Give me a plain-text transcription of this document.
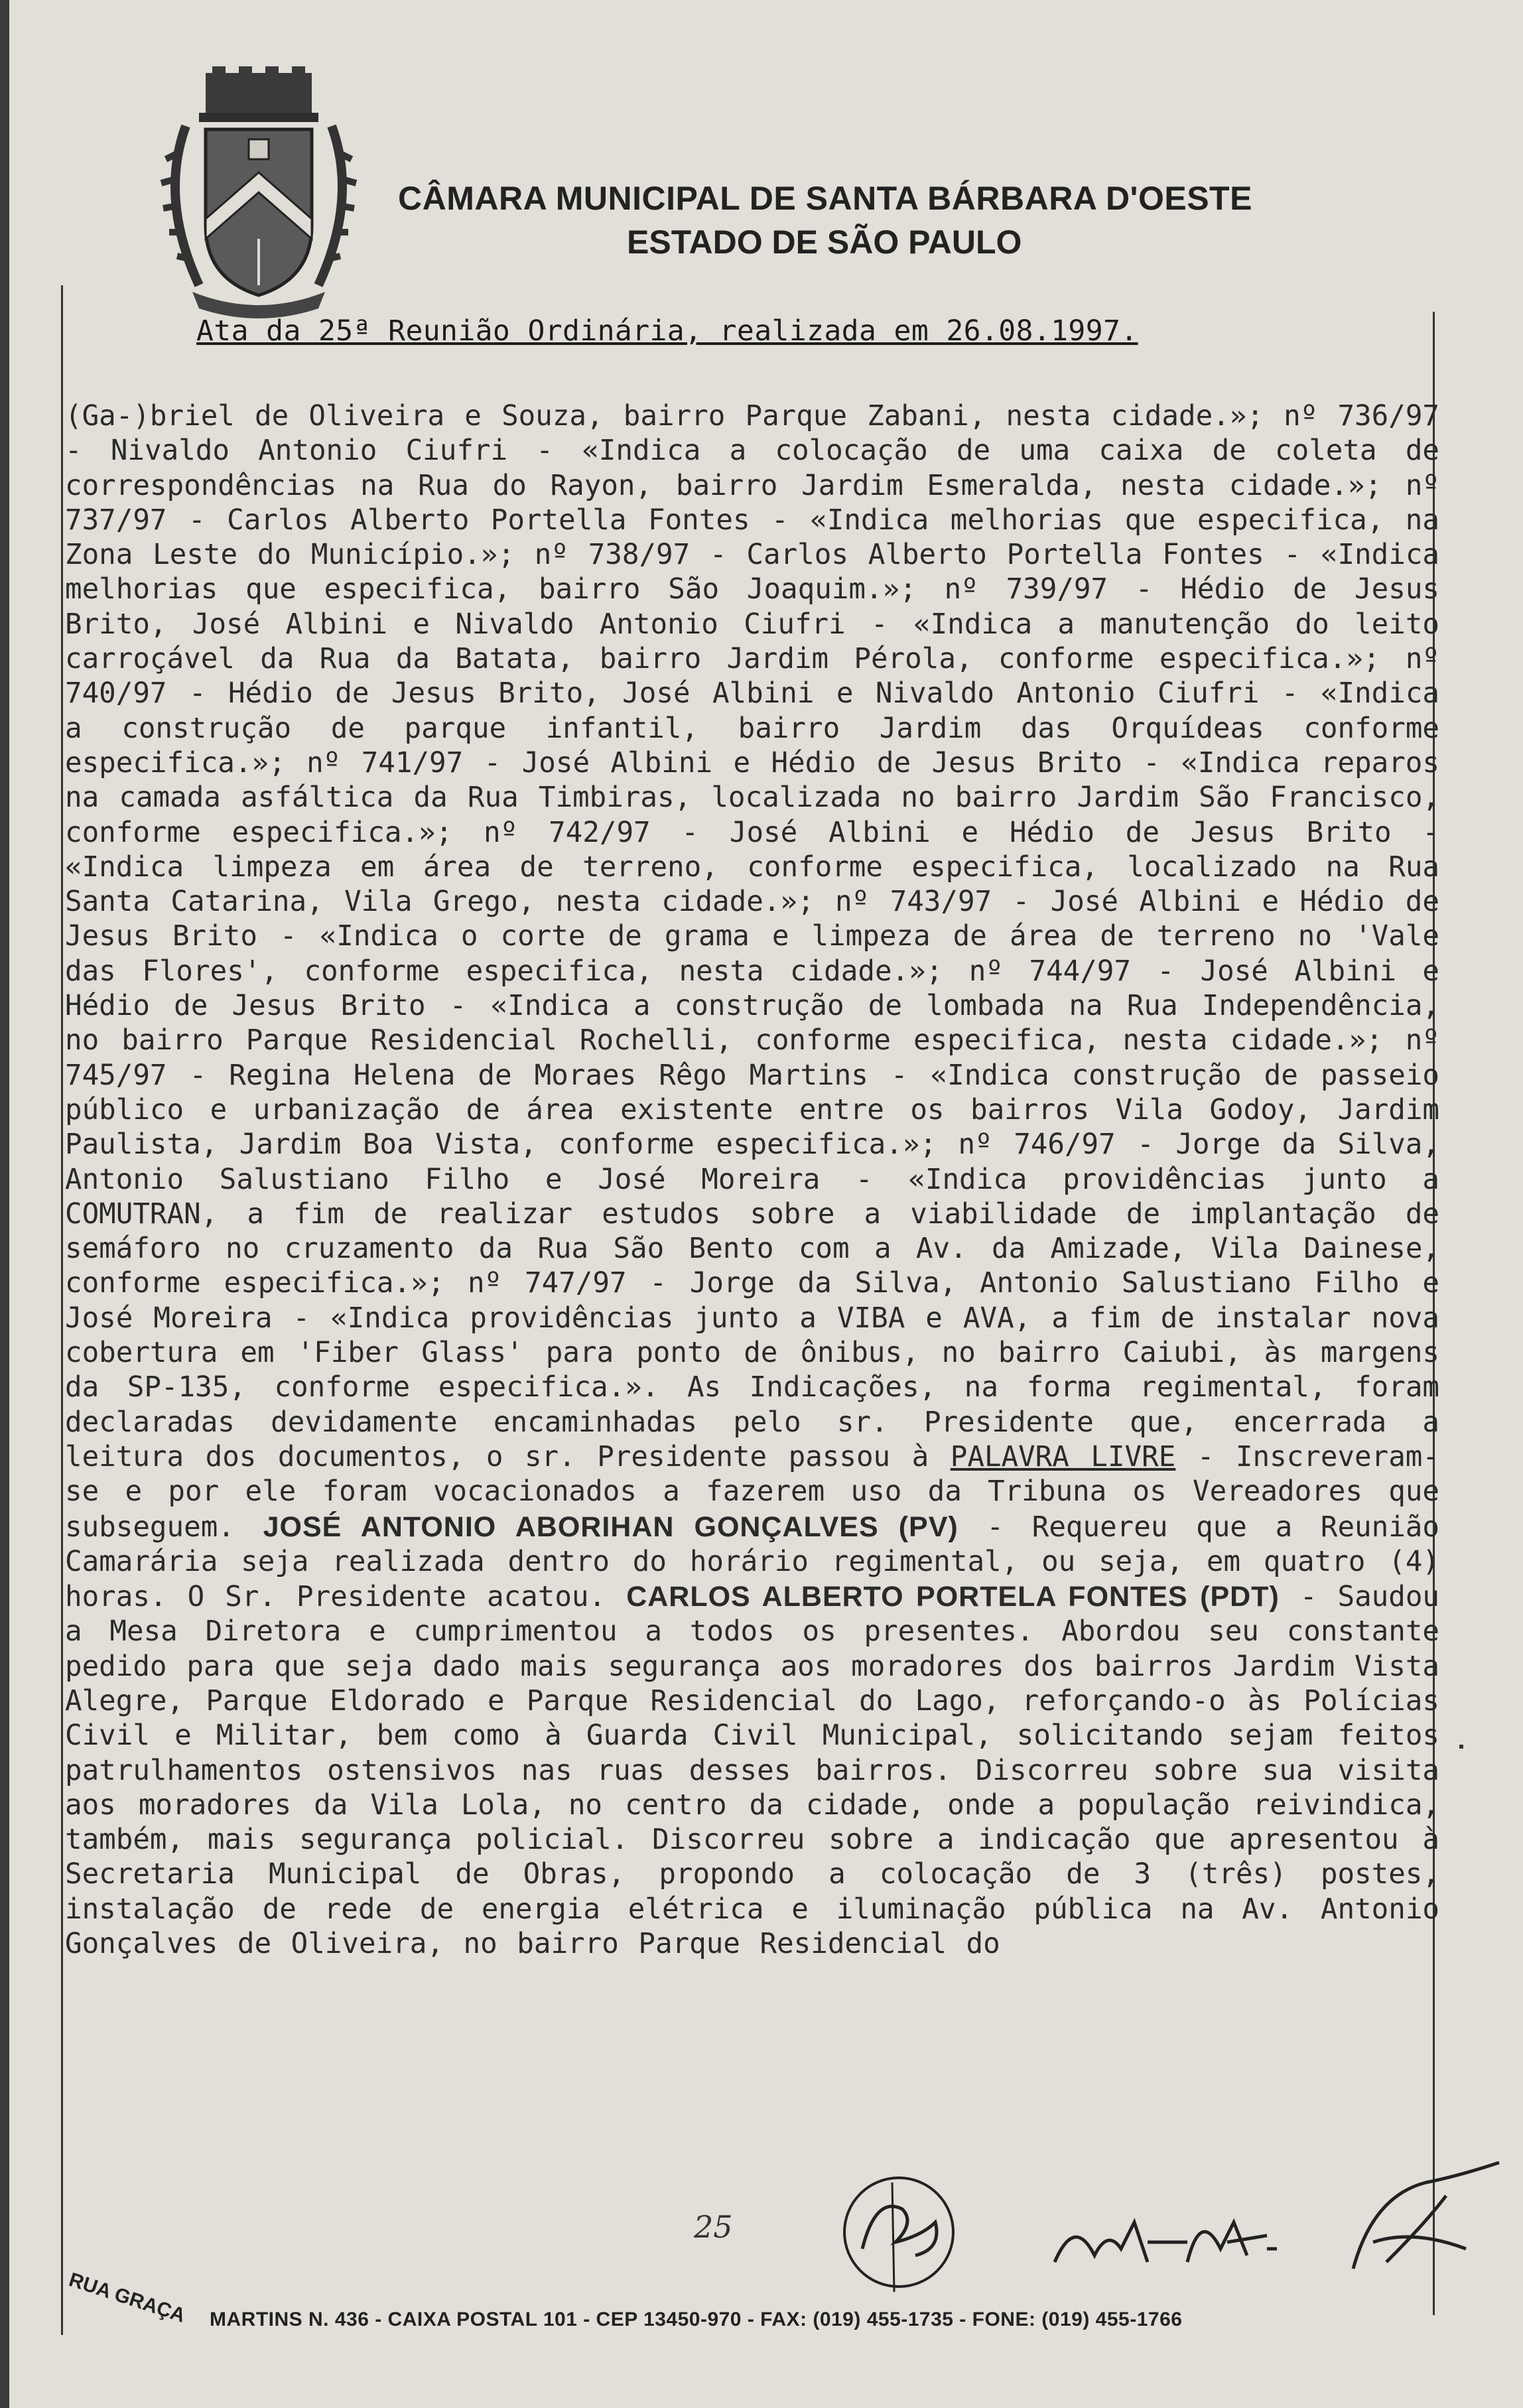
CÂMARA MUNICIPAL DE SANTA BÁRBARA D'OESTE
ESTADO DE SÃO PAULO
Ata da 25ª Reunião Ordinária, realizada em 26.08.1997.

(Ga-)briel de Oliveira e Souza, bairro Parque Zabani, nesta cidade.»; nº 736/97 - Nivaldo Antonio Ciufri - «Indica a colocação de uma caixa de coleta de correspondências na Rua do Rayon, bairro Jardim Esmeralda, nesta cidade.»; nº 737/97 - Carlos Alberto Portella Fontes - «Indica melhorias que especifica, na Zona Leste do Município.»; nº 738/97 - Carlos Alberto Portella Fontes - «Indica melhorias que especifica, bairro São Joaquim.»; nº 739/97 - Hédio de Jesus Brito, José Albini e Nivaldo Antonio Ciufri - «Indica a manutenção do leito carroçável da Rua da Batata, bairro Jardim Pérola, conforme especifica.»; nº 740/97 - Hédio de Jesus Brito, José Albini e Nivaldo Antonio Ciufri - «Indica a construção de parque infantil, bairro Jardim das Orquídeas conforme especifica.»; nº 741/97 - José Albini e Hédio de Jesus Brito - «Indica reparos na camada asfáltica da Rua Timbiras, localizada no bairro Jardim São Francisco, conforme especifica.»; nº 742/97 - José Albini e Hédio de Jesus Brito - «Indica limpeza em área de terreno, conforme especifica, localizado na Rua Santa Catarina, Vila Grego, nesta cidade.»; nº 743/97 - José Albini e Hédio de Jesus Brito - «Indica o corte de grama e limpeza de área de terreno no 'Vale das Flores', conforme especifica, nesta cidade.»; nº 744/97 - José Albini e Hédio de Jesus Brito - «Indica a construção de lombada na Rua Independência, no bairro Parque Residencial Rochelli, conforme especifica, nesta cidade.»; nº 745/97 - Regina Helena de Moraes Rêgo Martins - «Indica construção de passeio público e urbanização de área existente entre os bairros Vila Godoy, Jardim Paulista, Jardim Boa Vista, conforme especifica.»; nº 746/97 - Jorge da Silva, Antonio Salustiano Filho e José Moreira - «Indica providências junto a COMUTRAN, a fim de realizar estudos sobre a viabilidade de implantação de semáforo no cruzamento da Rua São Bento com a Av. da Amizade, Vila Dainese, conforme especifica.»; nº 747/97 - Jorge da Silva, Antonio Salustiano Filho e José Moreira - «Indica providências junto a VIBA e AVA, a fim de instalar nova cobertura em 'Fiber Glass' para ponto de ônibus, no bairro Caiubi, às margens da SP-135, conforme especifica.». As Indicações, na forma regimental, foram declaradas devidamente encaminhadas pelo sr. Presidente que, encerrada a leitura dos documentos, o sr. Presidente passou à PALAVRA LIVRE - Inscreveram-se e por ele foram vocacionados a fazerem uso da Tribuna os Vereadores que subseguem. JOSÉ ANTONIO ABORIHAN GONÇALVES (PV) - Requereu que a Reunião Camarária seja realizada dentro do horário regimental, ou seja, em quatro (4) horas. O Sr. Presidente acatou. CARLOS ALBERTO PORTELA FONTES (PDT) - Saudou a Mesa Diretora e cumprimentou a todos os presentes. Abordou seu constante pedido para que seja dado mais segurança aos moradores dos bairros Jardim Vista Alegre, Parque Eldorado e Parque Residencial do Lago, reforçando-o às Polícias Civil e Militar, bem como à Guarda Civil Municipal, solicitando sejam feitos patrulhamentos ostensivos nas ruas desses bairros. Discorreu sobre sua visita aos moradores da Vila Lola, no centro da cidade, onde a população reivindica, também, mais segurança policial. Discorreu sobre a indicação que apresentou à Secretaria Municipal de Obras, propondo a colocação de 3 (três) postes, instalação de rede de energia elétrica e iluminação pública na Av. Antonio Gonçalves de Oliveira, no bairro Parque Residencial do

25
RUA GRAÇA MARTINS N. 436 - CAIXA POSTAL 101 - CEP 13450-970 - FAX: (019) 455-1735 - FONE: (019) 455-1766
